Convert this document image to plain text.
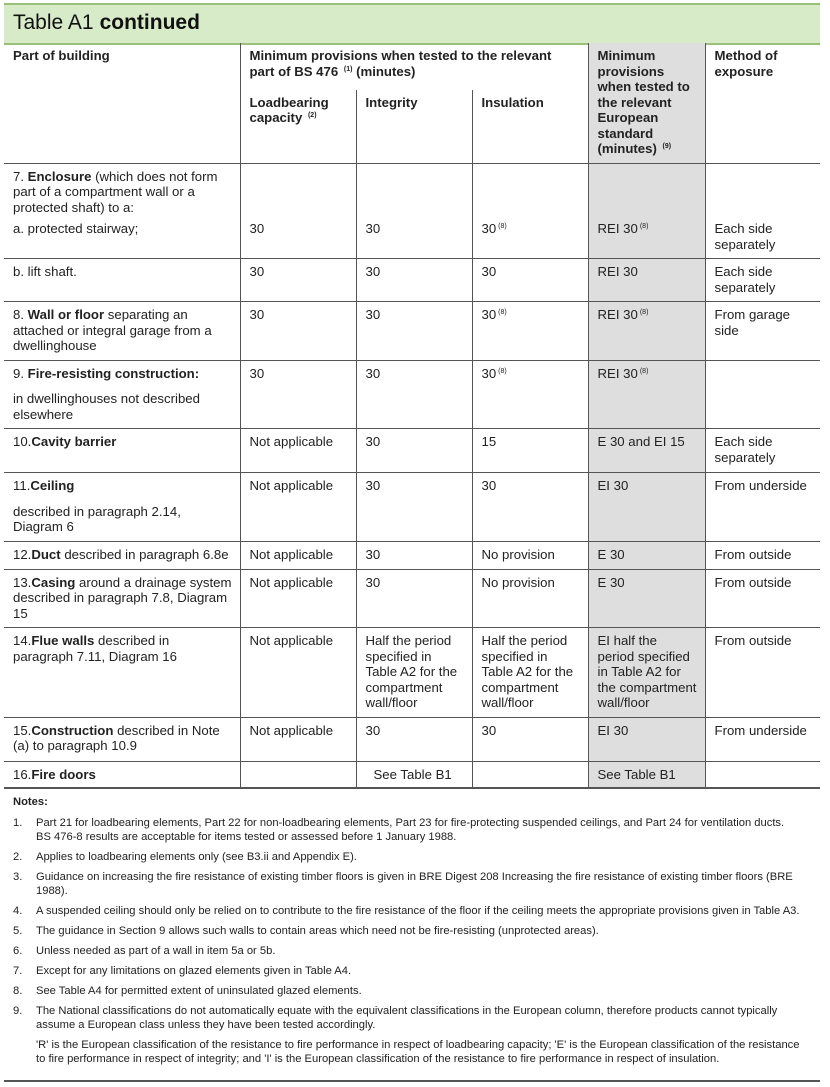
Table A1 continued
Part of building	Minimum provisions when tested to the relevant part of BS 476 $^{(1)}$ (minutes)			Minimum provisions when tested to the relevant European standard (minutes) $^{(9)}$	Method of exposure
	Loadbearing capacity $^{(2)}$	Integrity	Insulation		
7. Enclosure (which does not form part of a compartment wall or a protected shaft) to a:					
a. protected stairway;	30	30	30 $^{(8)}$	REI 30 $^{(8)}$	Each side separately
b. lift shaft.	30	30	30	REI 30	Each side separately
8. Wall or floor separating an attached or integral garage from a dwellinghouse	30	30	30 $^{(8)}$	REI 30 $^{(8)}$	From garage side
9. Fire-resisting construction:
in dwellinghouses not described elsewhere	30	30	30 $^{(8)}$	REI 30 $^{(8)}$	
10.Cavity barrier	Not applicable	30	15	E 30 and EI 15	Each side separately
11.Ceiling
described in paragraph 2.14, Diagram 6	Not applicable	30	30	EI 30	From underside
12.Duct described in paragraph 6.8e	Not applicable	30	No provision	E 30	From outside
13.Casing around a drainage system described in paragraph 7.8, Diagram 15	Not applicable	30	No provision	E 30	From outside
14.Flue walls described in paragraph 7.11, Diagram 16	Not applicable	Half the period specified in Table A2 for the compartment wall/floor	Half the period specified in Table A2 for the compartment wall/floor	EI half the period specified in Table A2 for the compartment wall/floor	From outside
15.Construction described in Note (a) to paragraph 10.9	Not applicable	30	30	EI 30	From underside
16.Fire doors		See Table B1		See Table B1	
Notes:
1.	Part 21 for loadbearing elements, Part 22 for non-loadbearing elements, Part 23 for fire-protecting suspended ceilings, and Part 24 for ventilation ducts. BS 476-8 results are acceptable for items tested or assessed before 1 January 1988.
2.	Applies to loadbearing elements only (see B3.ii and Appendix E).
3.	Guidance on increasing the fire resistance of existing timber floors is given in BRE Digest 208 Increasing the fire resistance of existing timber floors (BRE 1988).
4.	A suspended ceiling should only be relied on to contribute to the fire resistance of the floor if the ceiling meets the appropriate provisions given in Table A3.
5.	The guidance in Section 9 allows such walls to contain areas which need not be fire-resisting (unprotected areas).
6.	Unless needed as part of a wall in item 5a or 5b.
7.	Except for any limitations on glazed elements given in Table A4.
8.	See Table A4 for permitted extent of uninsulated glazed elements.
9.	The National classifications do not automatically equate with the equivalent classifications in the European column, therefore products cannot typically assume a European class unless they have been tested accordingly.
'R' is the European classification of the resistance to fire performance in respect of loadbearing capacity; 'E' is the European classification of the resistance to fire performance in respect of integrity; and 'I' is the European classification of the resistance to fire performance in respect of insulation.
